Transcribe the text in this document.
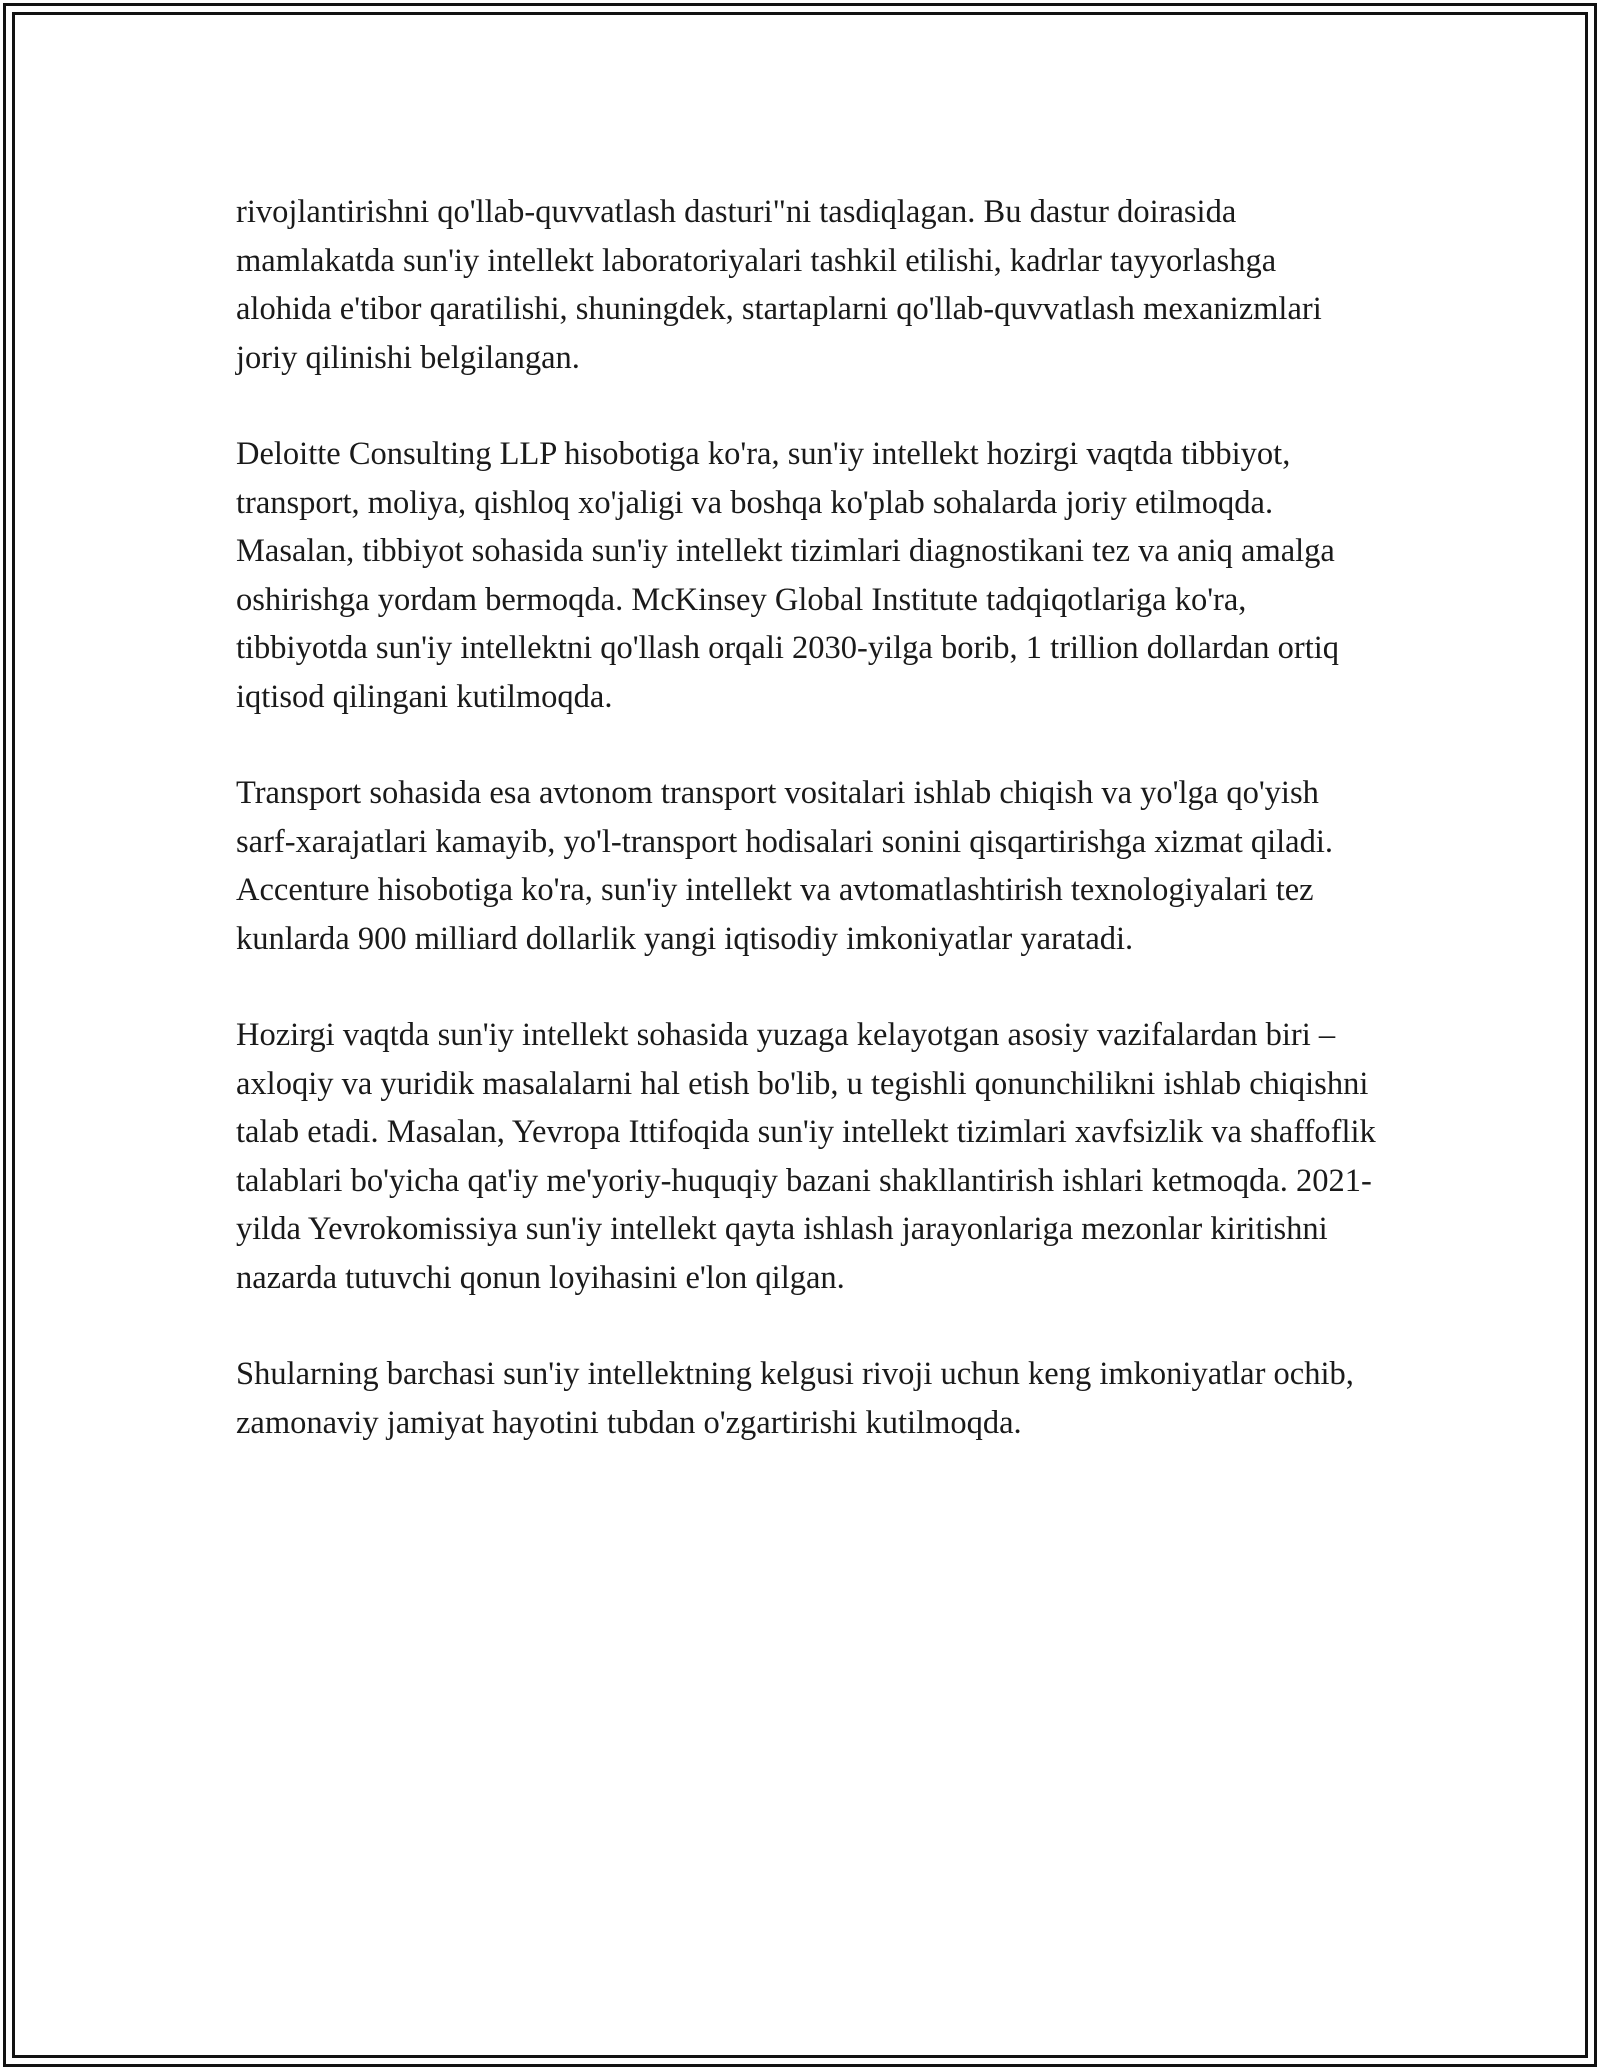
rivojlantirishni qo'llab-quvvatlash dasturi"ni tasdiqlagan. Bu dastur doirasida mamlakatda sun'iy intellekt laboratoriyalari tashkil etilishi, kadrlar tayyorlashga alohida e'tibor qaratilishi, shuningdek, startaplarni qo'llab-quvvatlash mexanizmlari joriy qilinishi belgilangan.

Deloitte Consulting LLP hisobotiga ko'ra, sun'iy intellekt hozirgi vaqtda tibbiyot, transport, moliya, qishloq xo'jaligi va boshqa ko'plab sohalarda joriy etilmoqda. Masalan, tibbiyot sohasida sun'iy intellekt tizimlari diagnostikani tez va aniq amalga oshirishga yordam bermoqda. McKinsey Global Institute tadqiqotlariga ko'ra, tibbiyotda sun'iy intellektni qo'llash orqali 2030-yilga borib, 1 trillion dollardan ortiq iqtisod qilingani kutilmoqda.

Transport sohasida esa avtonom transport vositalari ishlab chiqish va yo'lga qo'yish sarf-xarajatlari kamayib, yo'l-transport hodisalari sonini qisqartirishga xizmat qiladi. Accenture hisobotiga ko'ra, sun'iy intellekt va avtomatlashtirish texnologiyalari tez kunlarda 900 milliard dollarlik yangi iqtisodiy imkoniyatlar yaratadi.

Hozirgi vaqtda sun'iy intellekt sohasida yuzaga kelayotgan asosiy vazifalardan biri – axloqiy va yuridik masalalarni hal etish bo'lib, u tegishli qonunchilikni ishlab chiqishni talab etadi. Masalan, Yevropa Ittifoqida sun'iy intellekt tizimlari xavfsizlik va shaffoflik talablari bo'yicha qat'iy me'yoriy-huquqiy bazani shakllantirish ishlari ketmoqda. 2021-yilda Yevrokomissiya sun'iy intellekt qayta ishlash jarayonlariga mezonlar kiritishni nazarda tutuvchi qonun loyihasini e'lon qilgan.

Shularning barchasi sun'iy intellektning kelgusi rivoji uchun keng imkoniyatlar ochib, zamonaviy jamiyat hayotini tubdan o'zgartirishi kutilmoqda.
